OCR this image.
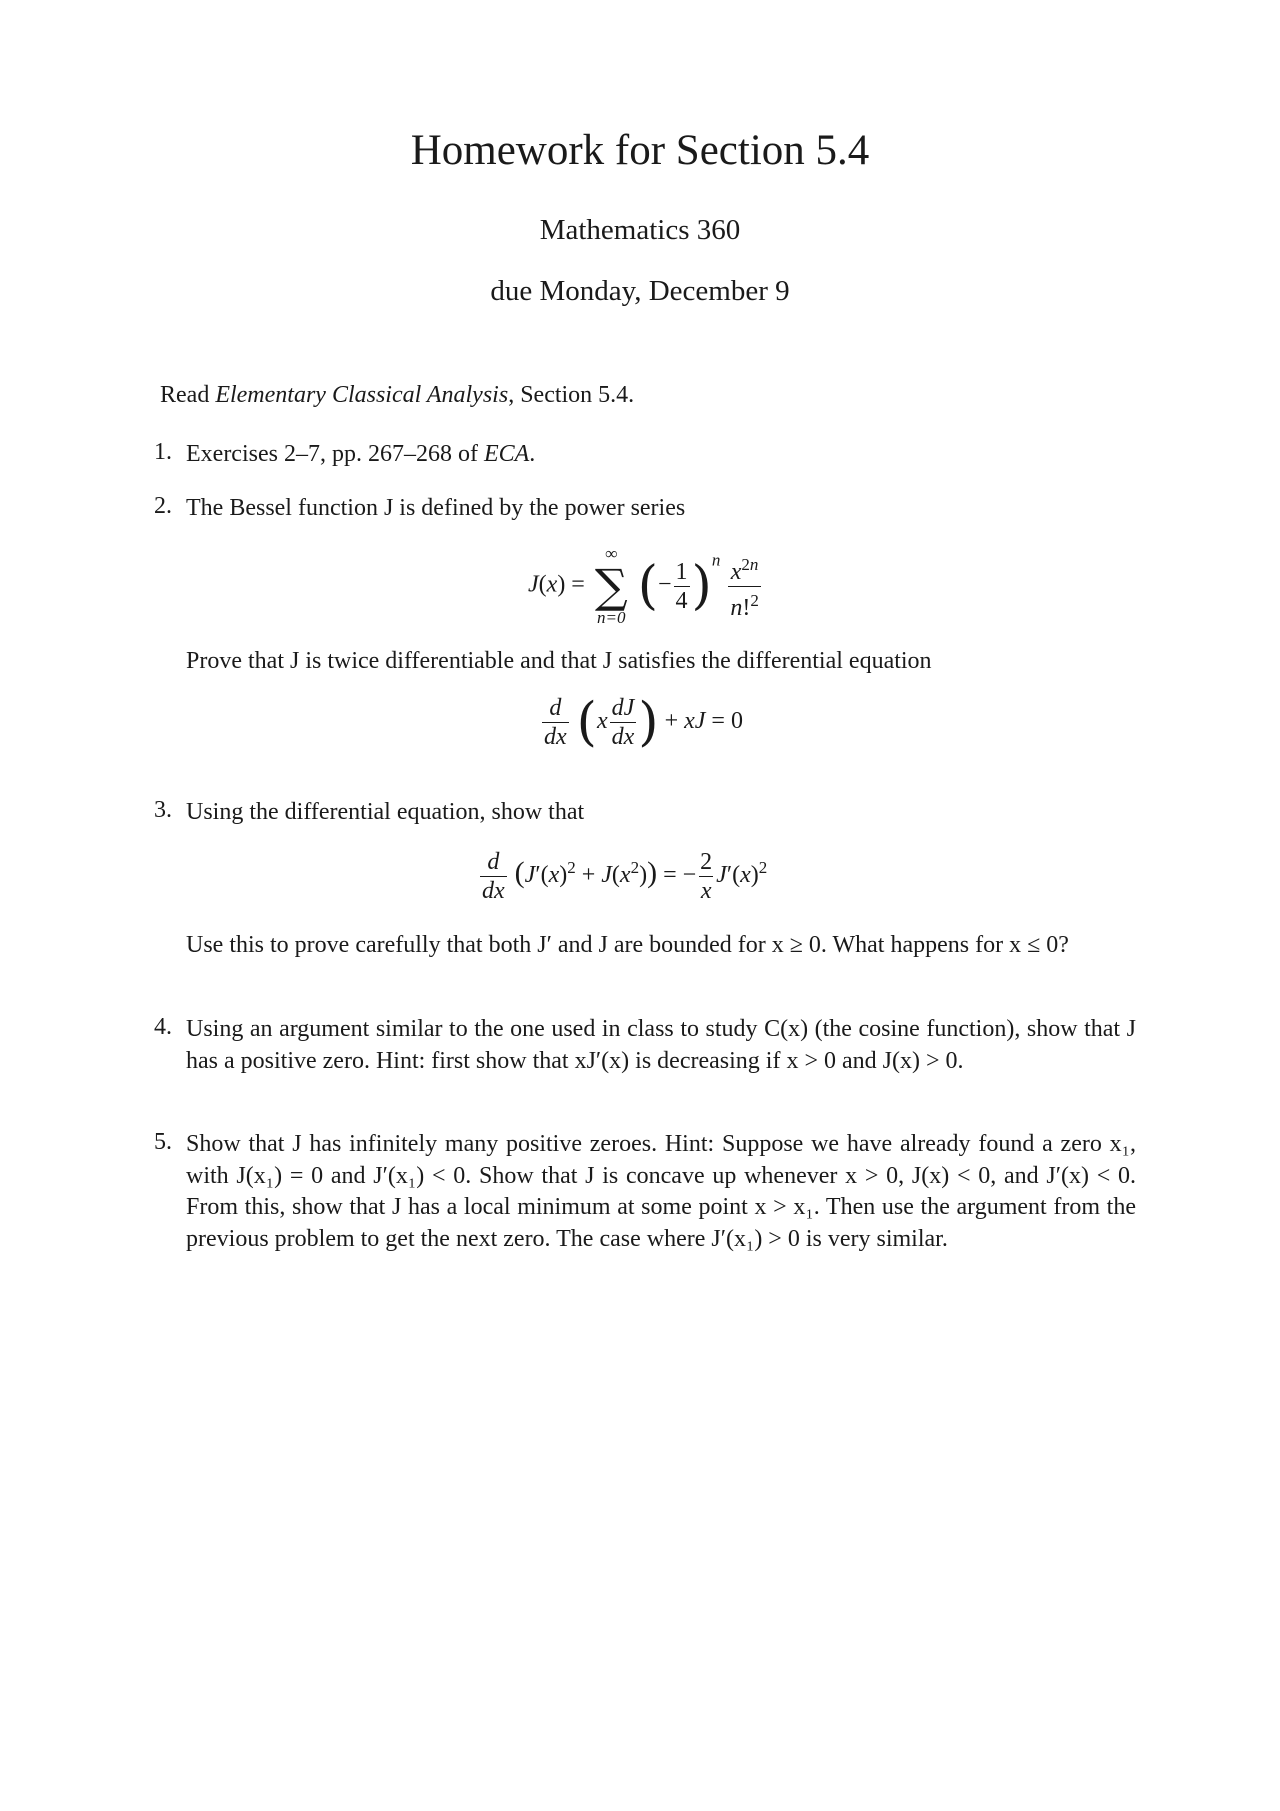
Homework for Section 5.4
Mathematics 360
due Monday, December 9
Read Elementary Classical Analysis, Section 5.4.
1. Exercises 2–7, pp. 267–268 of ECA.
2. The Bessel function J is defined by the power series
J(x) =
∞
∑
n=0
(− $\frac{1}{4} )^n \frac{x^{2n}}{n!^2}$
Prove that J is twice differentiable and that J satisfies the differential equation
$\frac{d}{dx} (x \frac{dJ}{dx}$ ) + xJ = 0
3. Using the differential equation, show that
$\frac{d}{dx} (J'(x)^2 + J(x^2))$ = − $\frac{2}{x} J'(x)^2$
Use this to prove carefully that both J′ and J are bounded for x ≥ 0. What happens for x ≤ 0?
4. Using an argument similar to the one used in class to study C(x) (the cosine function), show that J has a positive zero. Hint: first show that xJ′(x) is decreasing if x > 0 and J(x) > 0.
5. Show that J has infinitely many positive zeroes. Hint: Suppose we have already found a zero x₁, with J(x₁) = 0 and J′(x₁) < 0. Show that J is concave up whenever x > 0, J(x) < 0, and J′(x) < 0. From this, show that J has a local minimum at some point x > x₁. Then use the argument from the previous problem to get the next zero. The case where J′(x₁) > 0 is very similar.
